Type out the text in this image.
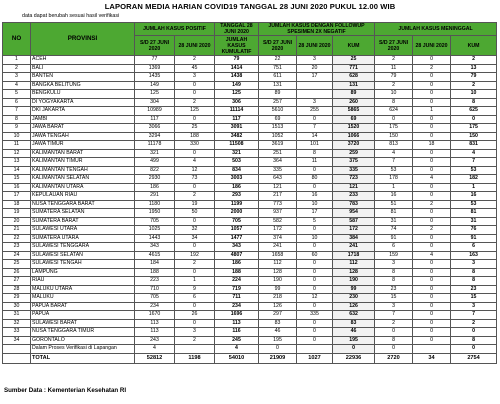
LAPORAN MEDIA HARIAN COVID19 TANGGAL 28 JUNI 2020 PUKUL 12.00 WIB
data dapat berubah sesuai hasil verifikasi
NO	PROVINSI	JUMLAH KASUS POSITIF		TANGGAL 28 JUNI 2020	JUMLAH KASUS DENGAN FOLLOWUP SPESIMEN 2X NEGATIF			JUMLAH KASUS MENINGGAL		
		S/D 27 JUNI 2020	28 JUNI 2020	JUMLAH KASUS KUMULATIF	S/D 27 JUNI 2020	28 JUNI 2020	KUM	S/D 27 JUNI 2020	28 JUNI 2020	KUM
1	ACEH	77	2	79	22	3	25	2	0	2
2	BALI	1369	45	1414	751	20	771	11	2	13
3	BANTEN	1435	3	1438	611	17	628	79	0	79
4	BANGKA BELITUNG	149	0	149	131		131	2	0	2
5	BENGKULU	125	0	125	89		89	10	0	10
6	DI YOGYAKARTA	304	2	306	257	3	260	8	0	8
7	DKI JAKARTA	10989	125	11114	5610	255	5865	624	1	625
8	JAMBI	117	0	117	69	0	69	0	0	0
9	JAWA BARAT	3066	25	3091	1513	7	1520	175	0	175
10	JAWA TENGAH	3294	188	3482	1052	14	1066	150	0	150
11	JAWA TIMUR	11178	330	11508	3619	101	3720	813	18	831
12	KALIMANTAN BARAT	321	0	321	251	8	259	4	0	4
13	KALIMANTAN TIMUR	499	4	503	364	11	375	7	0	7
14	KALIMANTAN TENGAH	822	12	834	335	0	335	53	0	53
15	KALIMANTAN SELATAN	2930	73	3003	643	80	723	178	4	182
16	KALIMANTAN UTARA	186	0	186	121	0	121	1	0	1
17	KEPULAUAN RIAU	291	2	293	217	16	233	16	0	16
18	NUSA TENGGARA BARAT	1180	19	1199	773	10	783	51	2	53
19	SUMATERA SELATAN	1950	50	2000	937	17	954	81	0	81
20	SUMATERA BARAT	705	0	705	582	5	587	31	0	31
21	SULAWESI UTARA	1025	32	1057	172	0	172	74	2	76
22	SUMATERA UTARA	1443	34	1477	374	10	384	91	0	91
23	SULAWESI TENGGARA	343	0	343	241	0	241	6	0	6
24	SULAWESI SELATAN	4615	192	4807	1658	60	1718	159	4	163
25	SULAWESI TENGAH	184	2	186	112	0	112	3	0	3
26	LAMPUNG	188	0	188	128	0	128	8	0	8
27	RIAU	223	1	224	190	0	190	8	0	8
28	MALUKU UTARA	710	9	719	99	0	99	23	0	23
29	MALUKU	705	6	711	218	12	230	15	0	15
30	PAPUA BARAT	234	0	234	126	0	126	3	0	3
31	PAPUA	1670	26	1696	297	335	632	7	0	7
32	SULAWESI BARAT	113	0	113	83	0	83	2	0	2
33	NUSA TENGGARA TIMUR	113	3	116	46	0	46	0	0	0
34	GORONTALO	243	2	245	195	0	195	8	0	8
	Dalam Proses Verifikasi di Lapangan	4		4	0		0	0		0
	TOTAL	52812	1198	54010	21909	1027	22936	2720	34	2754
Sumber Data : Kementerian Kesehatan RI
